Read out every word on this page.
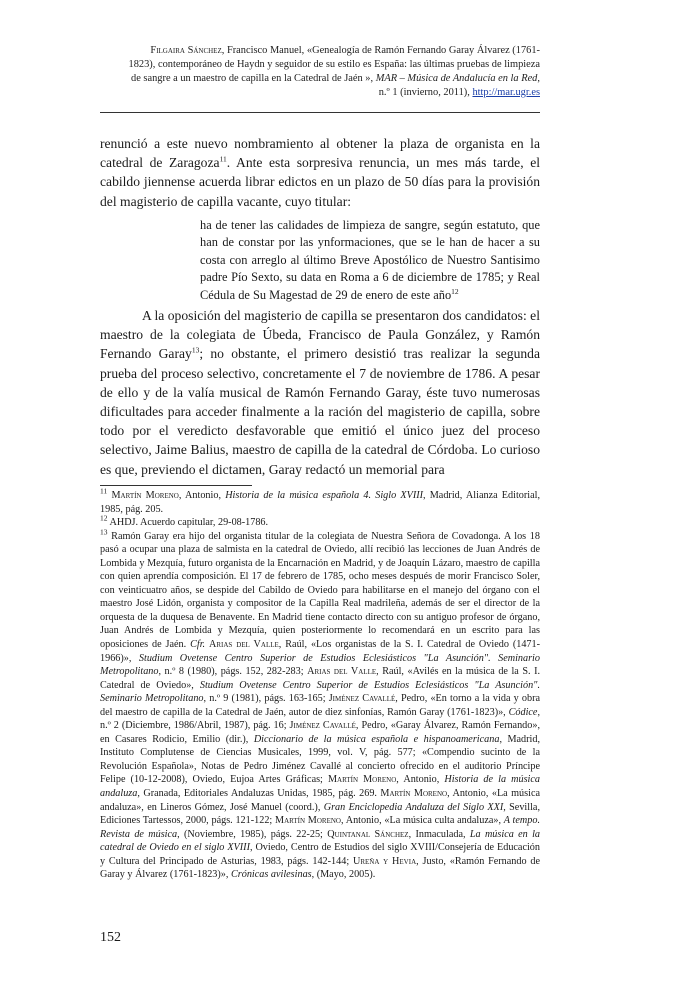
Filgaira Sánchez, Francisco Manuel, «Genealogía de Ramón Fernando Garay Álvarez (1761-
1823), contemporáneo de Haydn y seguidor de su estilo es España: las últimas pruebas de limpieza
de sangre a un maestro de capilla en la Catedral de Jaén », MAR – Música de Andalucía en la Red,
n.º 1 (invierno, 2011), http://mar.ugr.es
renunció a este nuevo nombramiento al obtener la plaza de organista en la catedral de Zaragoza$^{11}$. Ante esta sorpresiva renuncia, un mes más tarde, el cabildo jiennense acuerda librar edictos en un plazo de 50 días para la provisión del magisterio de capilla vacante, cuyo titular:
ha de tener las calidades de limpieza de sangre, según estatuto, que han de constar por las ynformaciones, que se le han de hacer a su costa con arreglo al último Breve Apostólico de Nuestro Santisimo padre Pío Sexto, su data en Roma a 6 de diciembre de 1785; y Real Cédula de Su Magestad de 29 de enero de este año$^{12}$
A la oposición del magisterio de capilla se presentaron dos candidatos: el maestro de la colegiata de Úbeda, Francisco de Paula González, y Ramón Fernando Garay$^{13}$; no obstante, el primero desistió tras realizar la segunda prueba del proceso selectivo, concretamente el 7 de noviembre de 1786. A pesar de ello y de la valía musical de Ramón Fernando Garay, éste tuvo numerosas dificultades para acceder finalmente a la ración del magisterio de capilla, sobre todo por el veredicto desfavorable que emitió el único juez del proceso selectivo, Jaime Balius, maestro de capilla de la catedral de Córdoba. Lo curioso es que, previendo el dictamen, Garay redactó un memorial para

$^{11}$ Martín Moreno, Antonio, Historia de la música española 4. Siglo XVIII, Madrid, Alianza Editorial, 1985, pág. 205.

$^{12}$ AHDJ. Acuerdo capitular, 29-08-1786.

$^{13}$ Ramón Garay era hijo del organista titular de la colegiata de Nuestra Señora de Covadonga. A los 18 pasó a ocupar una plaza de salmista en la catedral de Oviedo, allí recibió las lecciones de Juan Andrés de Lombida y Mezquía, futuro organista de la Encarnación en Madrid, y de Joaquín Lázaro, maestro de capilla con quien aprendía composición. El 17 de febrero de 1785, ocho meses después de morir Francisco Soler, con veinticuatro años, se despide del Cabildo de Oviedo para habilitarse en el manejo del órgano con el maestro José Lidón, organista y compositor de la Capilla Real madrileña, además de ser el director de la orquesta de la duquesa de Benavente. En Madrid tiene contacto directo con su antiguo profesor de órgano, Juan Andrés de Lombida y Mezquía, quien posteriormente lo recomendará en un escrito para las oposiciones de Jaén. Cfr. Arias del Valle, Raúl, «Los organistas de la S. I. Catedral de Oviedo (1471-1966)», Studium Ovetense Centro Superior de Estudios Eclesiásticos "La Asunción". Seminario Metropolitano, n.º 8 (1980), págs. 152, 282-283; Arias del Valle, Raúl, «Avilés en la música de la S. I. Catedral de Oviedo», Studium Ovetense Centro Superior de Estudios Eclesiásticos "La Asunción". Seminario Metropolitano, n.º 9 (1981), págs. 163-165; Jiménez Cavallé, Pedro, «En torno a la vida y obra del maestro de capilla de la Catedral de Jaén, autor de diez sinfonías, Ramón Garay (1761-1823)», Códice, n.º 2 (Diciembre, 1986/Abril, 1987), pág. 16; Jiménez Cavallé, Pedro, «Garay Álvarez, Ramón Fernando», en Casares Rodicio, Emilio (dir.), Diccionario de la música española e hispanoamericana, Madrid, Instituto Complutense de Ciencias Musicales, 1999, vol. V, pág. 577; «Compendio sucinto de la Revolución Española», Notas de Pedro Jiménez Cavallé al concierto ofrecido en el auditorio Príncipe Felipe (10-12-2008), Oviedo, Eujoa Artes Gráficas; Martín Moreno, Antonio, Historia de la música andaluza, Granada, Editoriales Andaluzas Unidas, 1985, pág. 269. Martín Moreno, Antonio, «La música andaluza», en Lineros Gómez, José Manuel (coord.), Gran Enciclopedia Andaluza del Siglo XXI, Sevilla, Ediciones Tartessos, 2000, págs. 121-122; Martín Moreno, Antonio, «La música culta andaluza», A tempo. Revista de música, (Noviembre, 1985), págs. 22-25; Quintanal Sánchez, Inmaculada, La música en la catedral de Oviedo en el siglo XVIII, Oviedo, Centro de Estudios del siglo XVIII/Consejería de Educación y Cultura del Principado de Asturias, 1983, págs. 142-144; Ureña y Hevia, Justo, «Ramón Fernando de Garay y Álvarez (1761-1823)», Crónicas avilesinas, (Mayo, 2005).

152
